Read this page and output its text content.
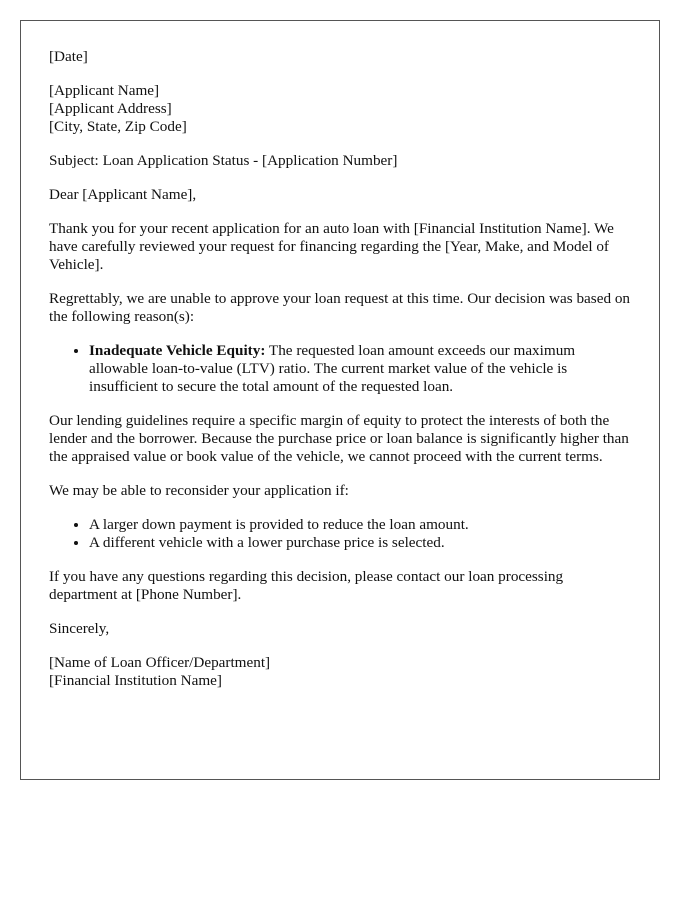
[Date]

[Applicant Name]
[Applicant Address]
[City, State, Zip Code]

Subject: Loan Application Status - [Application Number]

Dear [Applicant Name],

Thank you for your recent application for an auto loan with [Financial Institution Name]. We have carefully reviewed your request for financing regarding the [Year, Make, and Model of Vehicle].

Regrettably, we are unable to approve your loan request at this time. Our decision was based on the following reason(s):

• Inadequate Vehicle Equity: The requested loan amount exceeds our maximum allowable loan-to-value (LTV) ratio. The current market value of the vehicle is insufficient to secure the total amount of the requested loan.

Our lending guidelines require a specific margin of equity to protect the interests of both the lender and the borrower. Because the purchase price or loan balance is significantly higher than the appraised value or book value of the vehicle, we cannot proceed with the current terms.

We may be able to reconsider your application if:

• A larger down payment is provided to reduce the loan amount.
• A different vehicle with a lower purchase price is selected.

If you have any questions regarding this decision, please contact our loan processing department at [Phone Number].

Sincerely,

[Name of Loan Officer/Department]
[Financial Institution Name]
